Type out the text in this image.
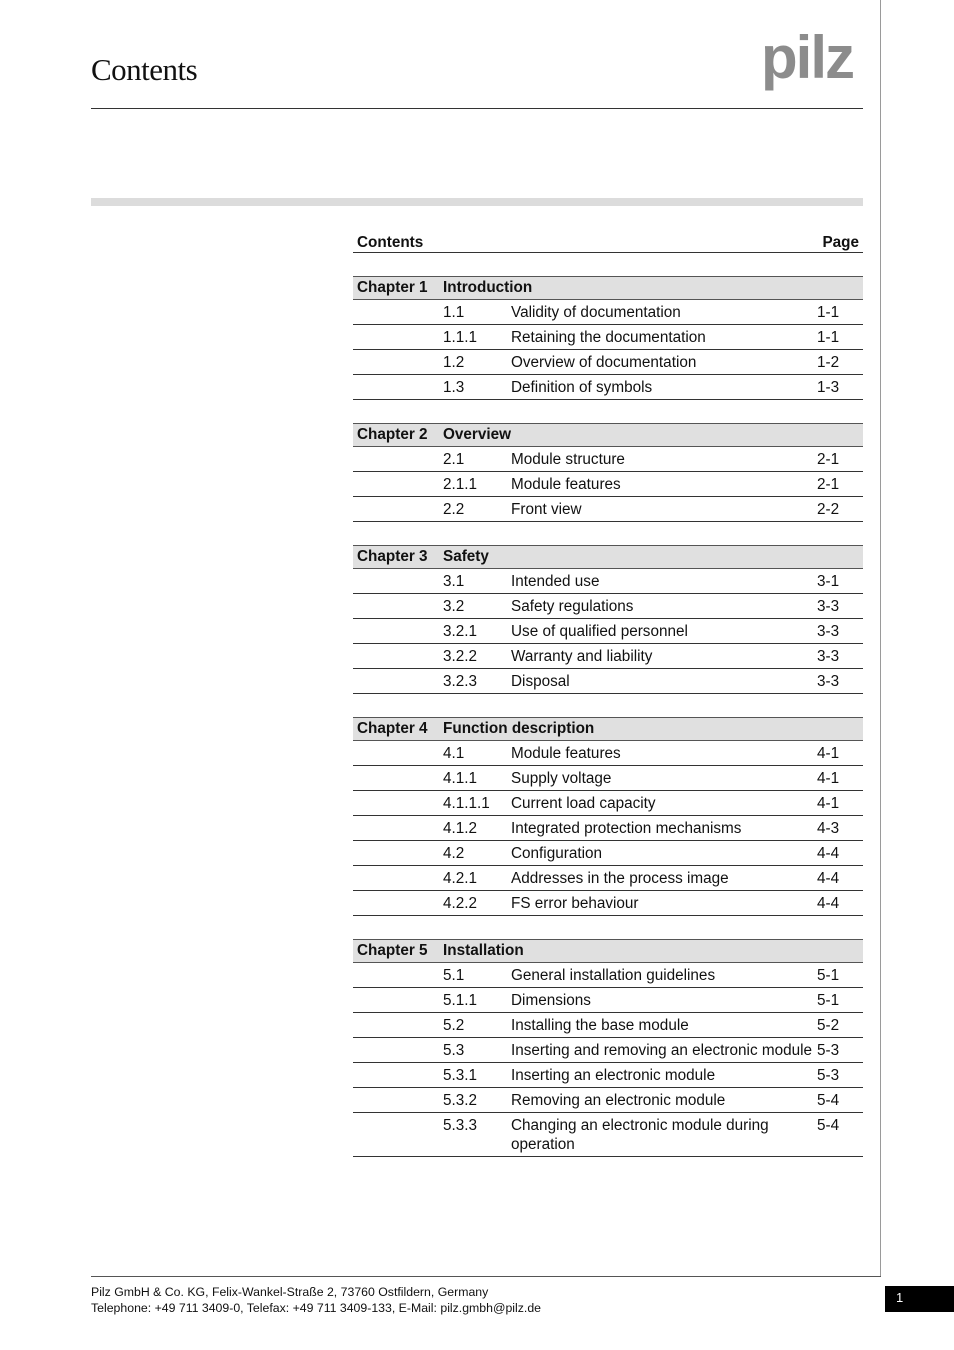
Contents	pilz
Contents	Page
Chapter 1	Introduction
1.1	Validity of documentation	1-1
1.1.1	Retaining the documentation	1-1
1.2	Overview of documentation	1-2
1.3	Definition of symbols	1-3
Chapter 2	Overview
2.1	Module structure	2-1
2.1.1	Module features	2-1
2.2	Front view	2-2
Chapter 3	Safety
3.1	Intended use	3-1
3.2	Safety regulations	3-3
3.2.1	Use of qualified personnel	3-3
3.2.2	Warranty and liability	3-3
3.2.3	Disposal	3-3
Chapter 4	Function description
4.1	Module features	4-1
4.1.1	Supply voltage	4-1
4.1.1.1	Current load capacity	4-1
4.1.2	Integrated protection mechanisms	4-3
4.2	Configuration	4-4
4.2.1	Addresses in the process image	4-4
4.2.2	FS error behaviour	4-4
Chapter 5	Installation
5.1	General installation guidelines	5-1
5.1.1	Dimensions	5-1
5.2	Installing the base module	5-2
5.3	Inserting and removing an electronic module 5-3
5.3.1	Inserting an electronic module	5-3
5.3.2	Removing an electronic module	5-4
5.3.3	Changing an electronic module during operation
5-4
Pilz GmbH & Co. KG, Felix-Wankel-Straße 2, 73760 Ostfildern, Germany
Telephone: +49 711 3409-0, Telefax: +49 711 3409-133, E-Mail: pilz.gmbh@pilz.de
1
